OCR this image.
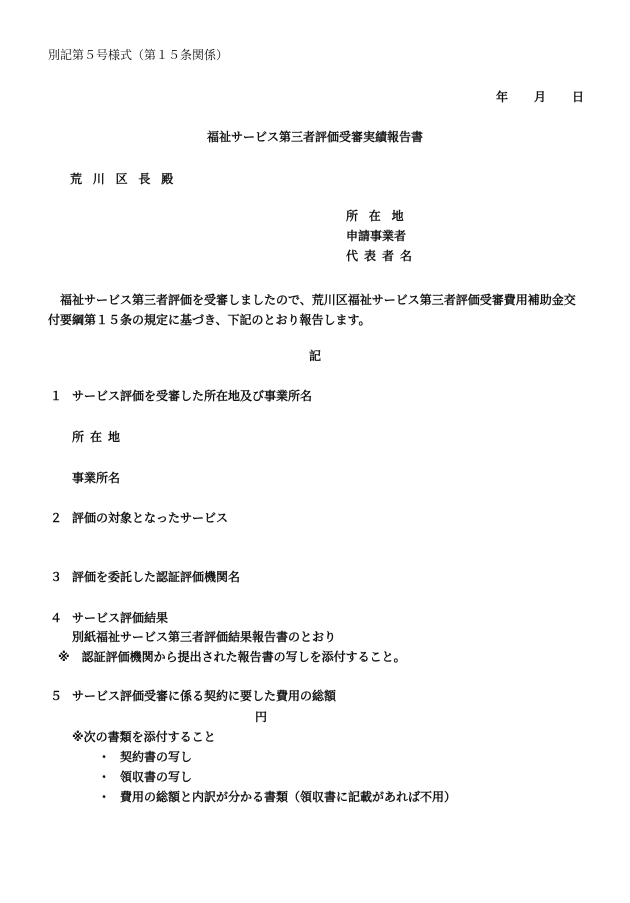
別記第５号様式（第１５条関係）
年 月 日
福祉サービス第三者評価受審実績報告書
荒川区長殿
所在地
申請事業者
代表者名

福祉サービス第三者評価を受審しましたので、荒川区福祉サービス第三者評価受審費用補助金交

付要綱第１５条の規定に基づき、下記のとおり報告します。

記
１ サービス評価を受審した所在地及び事業所名
所在地
事業所名
２ 評価の対象となったサービス
３ 評価を委託した認証評価機関名
４ サービス評価結果
別紙福祉サービス第三者評価結果報告書のとおり
※　認証評価機関から提出された報告書の写しを添付すること。
５ サービス評価受審に係る契約に要した費用の総額
円
※次の書類を添付すること
・ 契約書の写し
・ 領収書の写し
・ 費用の総額と内訳が分かる書類（領収書に記載があれば不用）
